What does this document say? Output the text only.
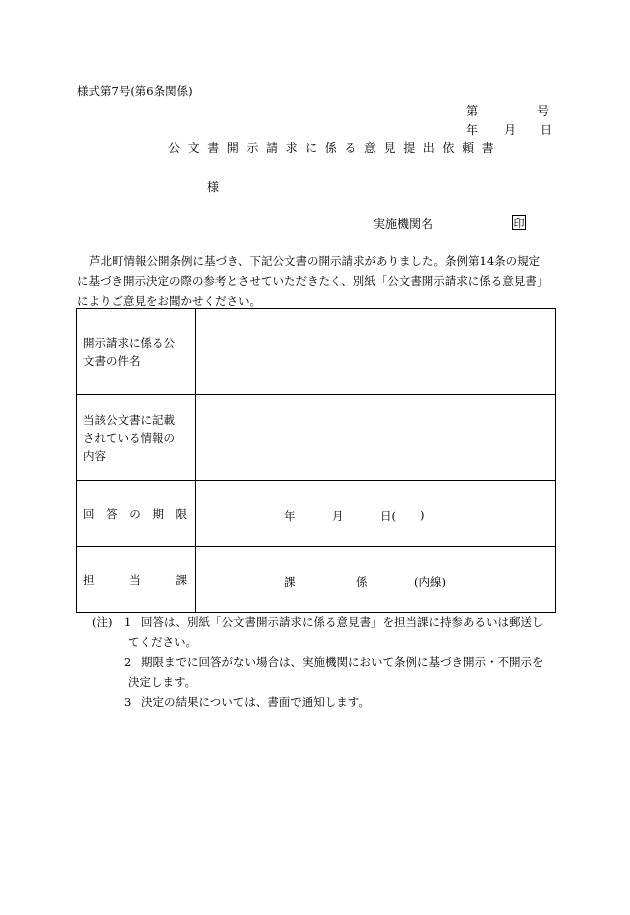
様式第7号(第6条関係)
第	号
年 月 日
公文書開示請求に係る意見提出依頼書
様
実施機関名	印
芦北町情報公開条例に基づき、下記公文書の開示請求がありました。条例第14条の規定
に基づき開示決定の際の参考とさせていただきたく、別紙「公文書開示請求に係る意見書」
によりご意見をお聞かせください。
開示請求に係る公
文書の件名	

当該公文書に記載
されている情報の
内容	

回 答 の 期 限	年 月 日( )

担 当 課	課 係 (内線)
(注) 1 回答は、別紙「公文書開示請求に係る意見書」を担当課に持参あるいは郵送し
てください。
2 期限までに回答がない場合は、実施機関において条例に基づき開示・不開示を
決定します。
3 決定の結果については、書面で通知します。
